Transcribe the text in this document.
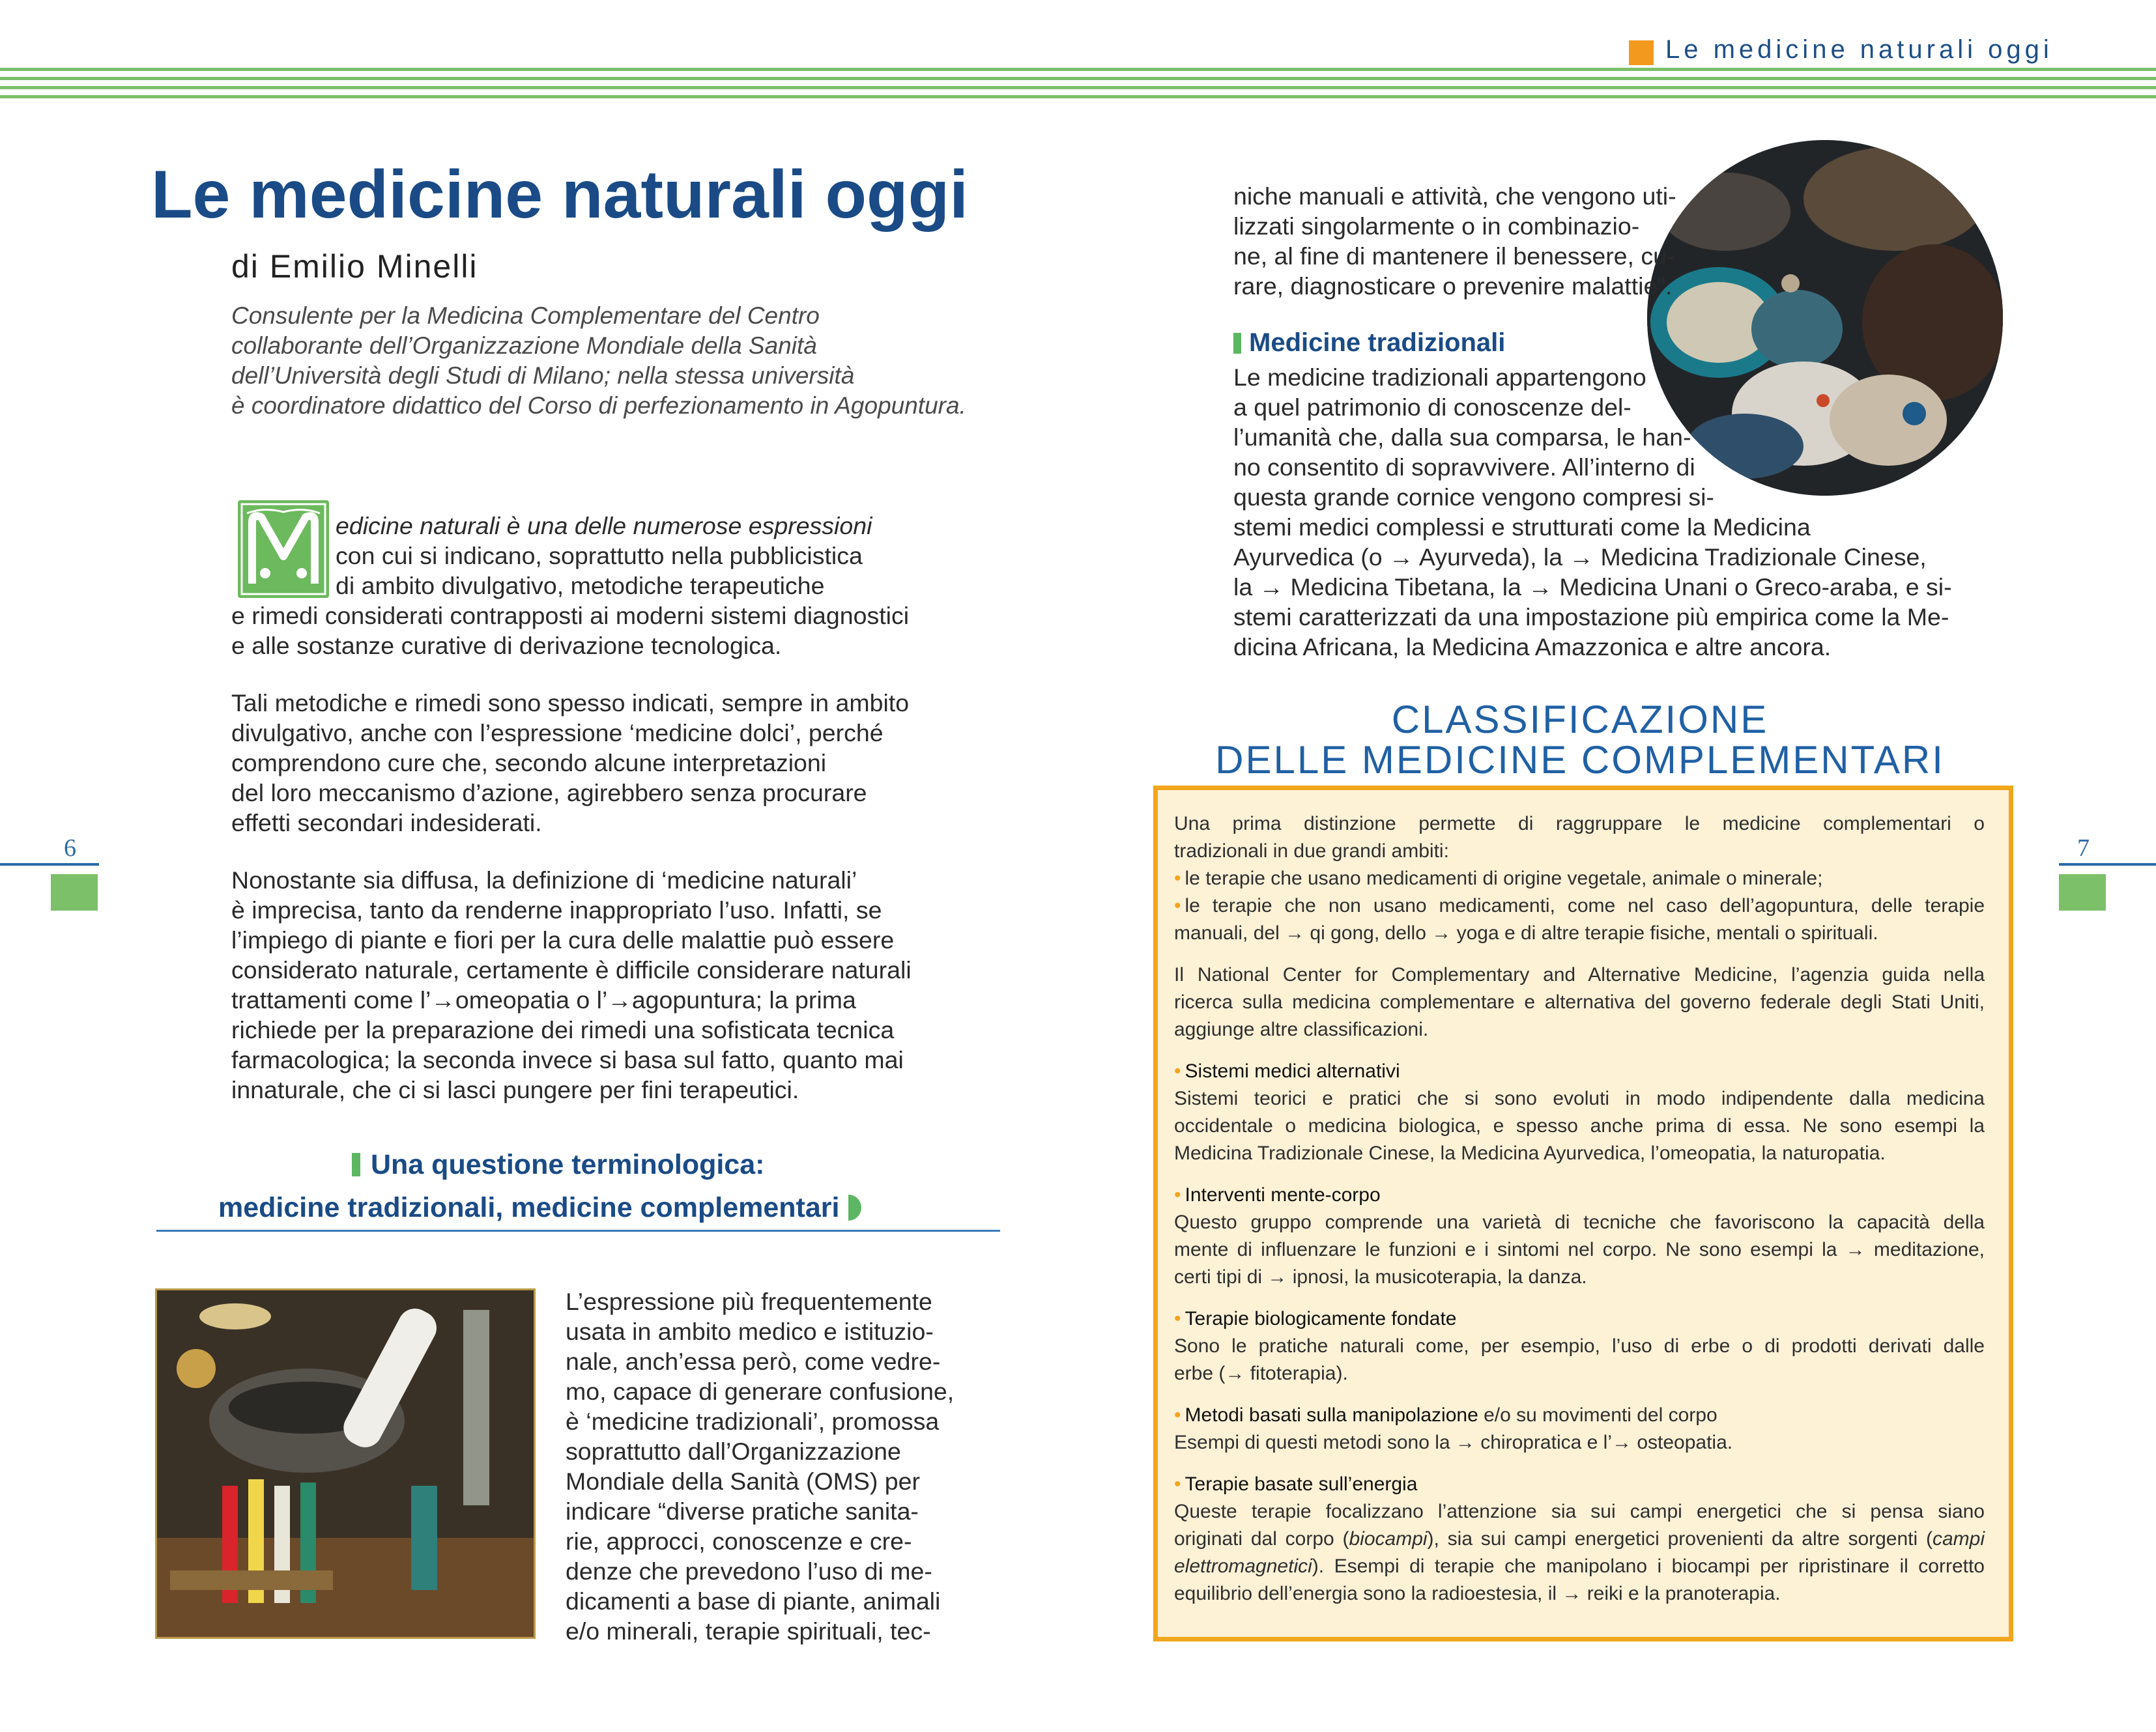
Le medicine naturali oggi
6	7
Le medicine naturali oggi
di Emilio Minelli
Consulente per la Medicina Complementare del Centro
collaborante dell’Organizzazione Mondiale della Sanità
dell’Università degli Studi di Milano; nella stessa università
è coordinatore didattico del Corso di perfezionamento in Agopuntura.
edicine naturali è una delle numerose espressioni
con cui si indicano, soprattutto nella pubblicistica
di ambito divulgativo, metodiche terapeutiche
e rimedi considerati contrapposti ai moderni sistemi diagnostici
e alle sostanze curative di derivazione tecnologica.
Tali metodiche e rimedi sono spesso indicati, sempre in ambito
divulgativo, anche con l’espressione ‘medicine dolci’, perché
comprendono cure che, secondo alcune interpretazioni
del loro meccanismo d’azione, agirebbero senza procurare
effetti secondari indesiderati.
Nonostante sia diffusa, la definizione di ‘medicine naturali’
è imprecisa, tanto da renderne inappropriato l’uso. Infatti, se
l’impiego di piante e fiori per la cura delle malattie può essere
considerato naturale, certamente è difficile considerare naturali
trattamenti come l’→omeopatia o l’→agopuntura; la prima
richiede per la preparazione dei rimedi una sofisticata tecnica
farmacologica; la seconda invece si basa sul fatto, quanto mai
innaturale, che ci si lasci pungere per fini terapeutici.
Una questione terminologica:
medicine tradizionali, medicine complementari
L’espressione più frequentemente
usata in ambito medico e istituzio-
nale, anch’essa però, come vedre-
mo, capace di generare confusione,
è ‘medicine tradizionali’, promossa
soprattutto dall’Organizzazione
Mondiale della Sanità (OMS) per
indicare “diverse pratiche sanita-
rie, approcci, conoscenze e cre-
denze che prevedono l’uso di me-
dicamenti a base di piante, animali
e/o minerali, terapie spirituali, tec-
niche manuali e attività, che vengono uti-
lizzati singolarmente o in combinazio-
ne, al fine di mantenere il benessere, cu-
rare, diagnosticare o prevenire malattie”.
Medicine tradizionali
Le medicine tradizionali appartengono
a quel patrimonio di conoscenze del-
l’umanità che, dalla sua comparsa, le han-
no consentito di sopravvivere. All’interno di
questa grande cornice vengono compresi si-
stemi medici complessi e strutturati come la Medicina
Ayurvedica (o → Ayurveda), la → Medicina Tradizionale Cinese,
la → Medicina Tibetana, la → Medicina Unani o Greco-araba, e si-
stemi caratterizzati da una impostazione più empirica come la Me-
dicina Africana, la Medicina Amazzonica e altre ancora.
CLASSIFICAZIONE
DELLE MEDICINE COMPLEMENTARI
Una prima distinzione permette di raggruppare le medicine complementari o
tradizionali in due grandi ambiti:
• le terapie che usano medicamenti di origine vegetale, animale o minerale;
• le terapie che non usano medicamenti, come nel caso dell’agopuntura, delle terapie
manuali, del → qi gong, dello → yoga e di altre terapie fisiche, mentali o spirituali.
Il National Center for Complementary and Alternative Medicine, l’agenzia guida nella
ricerca sulla medicina complementare e alternativa del governo federale degli Stati Uniti,
aggiunge altre classificazioni.
• Sistemi medici alternativi
Sistemi teorici e pratici che si sono evoluti in modo indipendente dalla medicina
occidentale o medicina biologica, e spesso anche prima di essa. Ne sono esempi la
Medicina Tradizionale Cinese, la Medicina Ayurvedica, l’omeopatia, la naturopatia.
• Interventi mente-corpo
Questo gruppo comprende una varietà di tecniche che favoriscono la capacità della
mente di influenzare le funzioni e i sintomi nel corpo. Ne sono esempi la → meditazione,
certi tipi di → ipnosi, la musicoterapia, la danza.
• Terapie biologicamente fondate
Sono le pratiche naturali come, per esempio, l’uso di erbe o di prodotti derivati dalle
erbe (→ fitoterapia).
• Metodi basati sulla manipolazione e/o su movimenti del corpo
Esempi di questi metodi sono la → chiropratica e l’→ osteopatia.
• Terapie basate sull’energia
Queste terapie focalizzano l’attenzione sia sui campi energetici che si pensa siano
originati dal corpo (biocampi), sia sui campi energetici provenienti da altre sorgenti (campi
elettromagnetici). Esempi di terapie che manipolano i biocampi per ripristinare il corretto
equilibrio dell’energia sono la radioestesia, il → reiki e la pranoterapia.
